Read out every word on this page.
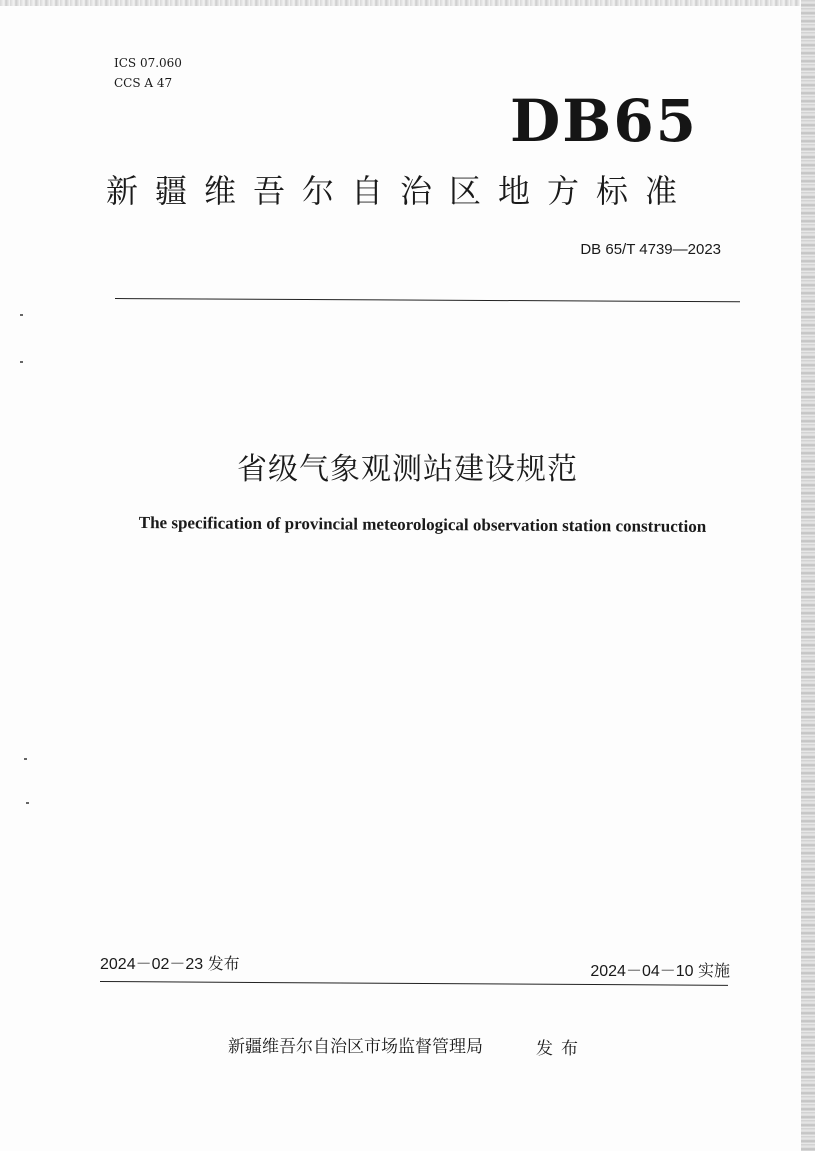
ICS 07.060
CCS A 47
DB65
新疆维吾尔自治区地方标准
DB 65/T 4739—2023
省级气象观测站建设规范
The specification of provincial meteorological observation station construction
2024－02－23 发布	2024－04－10 实施
新疆维吾尔自治区市场监督管理局	发布
